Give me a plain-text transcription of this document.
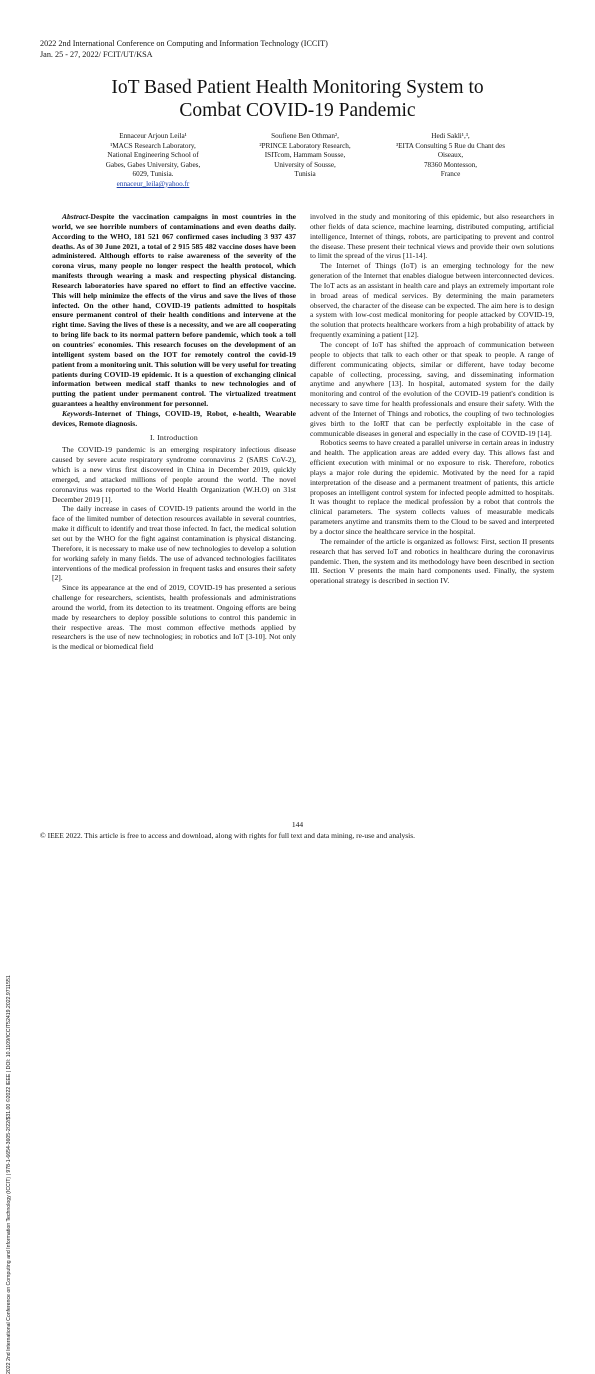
2022 2nd International Conference on Computing and Information Technology (ICCIT)
Jan. 25 - 27, 2022/ FCIT/UT/KSA
IoT Based Patient Health Monitoring System to
Combat COVID-19 Pandemic
Ennaceur Arjoun Leila¹
¹MACS Research Laboratory,
National Engineering School of
Gabes, Gabes University, Gabes,
6029, Tunisia.
ennaceur_leila@yahoo.fr
Soufiene Ben Othman²,
²PRINCE Laboratory Research,
ISITcom, Hammam Sousse,
University of Sousse,
Tunisia
Hedi Sakli¹,³,
³EITA Consulting 5 Rue du Chant des
Oiseaux,
78360 Montesson,
France
2022 2nd International Conference on Computing and Information Technology (ICCIT) | 978-1-6654-3605-2/22/$31.00 ©2022 IEEE | DOI: 10.1109/ICCIT52419.2022.9711551

Abstract-Despite the vaccination campaigns in most countries in the world, we see horrible numbers of contaminations and even deaths daily. According to the WHO, 181 521 067 confirmed cases including 3 937 437 deaths. As of 30 June 2021, a total of 2 915 585 482 vaccine doses have been administered. Although efforts to raise awareness of the severity of the corona virus, many people no longer respect the health protocol, which manifests through wearing a mask and respecting physical distancing. Research laboratories have spared no effort to find an effective vaccine. This will help minimize the effects of the virus and save the lives of those infected. On the other hand, COVID-19 patients admitted to hospitals ensure permanent control of their health conditions and intervene at the right time. Saving the lives of these is a necessity, and we are all cooperating to bring life back to its normal pattern before pandemic, which took a toll on countries' economies. This research focuses on the development of an intelligent system based on the IOT for remotely control the covid-19 patient from a monitoring unit. This solution will be very useful for treating patients during COVID-19 epidemic. It is a question of exchanging clinical information between medical staff thanks to new technologies and of putting the patient under permanent control. The virtualized treatment guarantees a healthy environment for personnel.

Keywords-Internet of Things, COVID-19, Robot, e-health, Wearable devices, Remote diagnosis.

I. Introduction

The COVID-19 pandemic is an emerging respiratory infectious disease caused by severe acute respiratory syndrome coronavirus 2 (SARS CoV-2), which is a new virus first discovered in China in December 2019, quickly emerged, and attacked millions of people around the world. The novel coronavirus was reported to the World Health Organization (W.H.O) on 31st December 2019 [1].

The daily increase in cases of COVID-19 patients around the world in the face of the limited number of detection resources available in several countries, make it difficult to identify and treat those infected. In fact, the medical solution set out by the WHO for the fight against contamination is physical distancing. Therefore, it is necessary to make use of new technologies to develop a solution for working safely in many fields. The use of advanced technologies facilitates interventions of the medical profession in frequent tasks and ensures their safety [2].

Since its appearance at the end of 2019, COVID-19 has presented a serious challenge for researchers, scientists, health professionals and administrations around the world, from its detection to its treatment. Ongoing efforts are being made by researchers to deploy possible solutions to control this pandemic in their respective areas. The most common effective methods applied by researchers is the use of new technologies; in robotics and IoT [3-10]. Not only is the medical or biomedical field

involved in the study and monitoring of this epidemic, but also researchers in other fields of data science, machine learning, distributed computing, artificial intelligence, Internet of things, robots, are participating to prevent and control the disease. These present their technical views and provide their own solutions to limit the spread of the virus [11-14].

The Internet of Things (IoT) is an emerging technology for the new generation of the Internet that enables dialogue between interconnected devices. The IoT acts as an assistant in health care and plays an extremely important role in broad areas of medical services. By determining the main parameters observed, the character of the disease can be expected. The aim here is to design a system with low-cost medical monitoring for people attacked by COVID-19, the solution that protects healthcare workers from a high probability of attack by frequently examining a patient [12].

The concept of IoT has shifted the approach of communication between people to objects that talk to each other or that speak to people. A range of different communicating objects, similar or different, have today become capable of collecting, processing, saving, and disseminating information anytime and anywhere [13]. In hospital, automated system for the daily monitoring and control of the evolution of the COVID-19 patient's condition is necessary to save time for health professionals and ensure their safety. With the advent of the Internet of Things and robotics, the coupling of two technologies gives birth to the IoRT that can be perfectly exploitable in the case of communicable diseases in general and especially in the case of COVID-19 [14].

Robotics seems to have created a parallel universe in certain areas in industry and health. The application areas are added every day. This allows fast and efficient execution with minimal or no exposure to risk. Therefore, robotics plays a major role during the epidemic. Motivated by the need for a rapid interpretation of the disease and a permanent treatment of patients, this article proposes an intelligent control system for infected people admitted to hospitals. It was thought to replace the medical profession by a robot that controls the clinical parameters. The system collects values of measurable medicals parameters anytime and transmits them to the Cloud to be saved and interpreted by a doctor since the healthcare service in the hospital.

The remainder of the article is organized as follows: First, section II presents research that has served IoT and robotics in healthcare during the coronavirus pandemic. Then, the system and its methodology have been described in section III. Section V presents the main hard components used. Finally, the system operational strategy is described in section IV.

144
© IEEE 2022. This article is free to access and download, along with rights for full text and data mining, re-use and analysis.
